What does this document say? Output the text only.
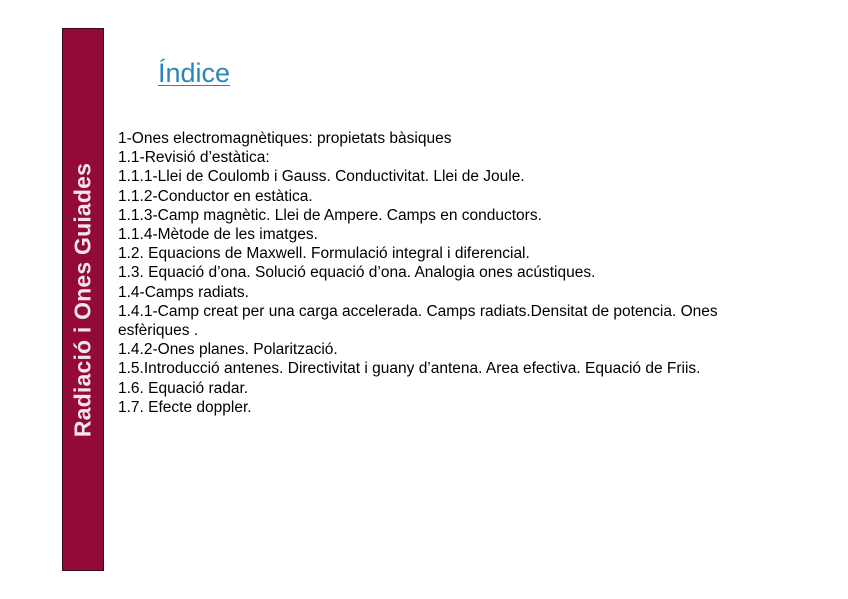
Radiació i Ones Guiades
Índice
1-Ones electromagnètiques: propietats bàsiques
1.1-Revisió d’estàtica:
1.1.1-Llei de Coulomb i Gauss. Conductivitat. Llei de Joule.
1.1.2-Conductor en estàtica.
1.1.3-Camp magnètic. Llei de Ampere. Camps en conductors.
1.1.4-Mètode de les imatges.
1.2. Equacions de Maxwell. Formulació integral i diferencial.
1.3. Equació d’ona. Solució equació d’ona. Analogia ones acústiques.
1.4-Camps radiats.
1.4.1-Camp creat per una carga accelerada. Camps radiats.Densitat de potencia. Ones esfèriques .
1.4.2-Ones planes. Polarització.
1.5.Introducció antenes. Directivitat i guany d’antena. Area efectiva. Equació de Friis.
1.6. Equació radar.
1.7. Efecte doppler.
